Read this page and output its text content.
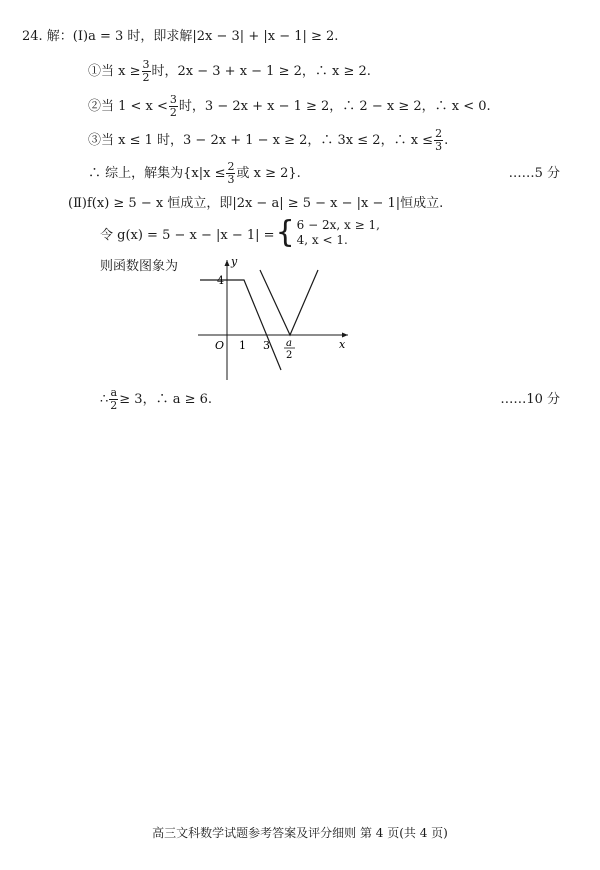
24. 解：(Ⅰ)a = 3 时，即求解|2x − 3| + |x − 1| ≥ 2.
①当 $x \ge \frac{3}{2}$ 时，2x − 3 + x − 1 ≥ 2，∴ x ≥ 2.
②当 $1 < x < \frac{3}{2}$ 时，3 − 2x + x − 1 ≥ 2，∴ 2 − x ≥ 2，∴ x < 0.
③当 x ≤ 1 时，3 − 2x + 1 − x ≥ 2，∴ 3x ≤ 2，∴ $x \le \frac{2}{3}$ .
∴ 综上，解集为{$x|x \le \frac{2}{3}$ 或 x ≥ 2}.	……5 分
(Ⅱ)f(x) ≥ 5 − x 恒成立，即|2x − a| ≥ 5 − x − |x − 1|恒成立.
令 g(x) = 5 − x − |x − 1| = { 6 − 2x, x ≥ 1,
4, x < 1.
则函数图象为	y
x
O
4
1 3 a
2
∴ $\frac{a}{2} \ge 3$，∴ a ≥ 6.	……10 分
高三文科数学试题参考答案及评分细则 第 4 页(共 4 页)
